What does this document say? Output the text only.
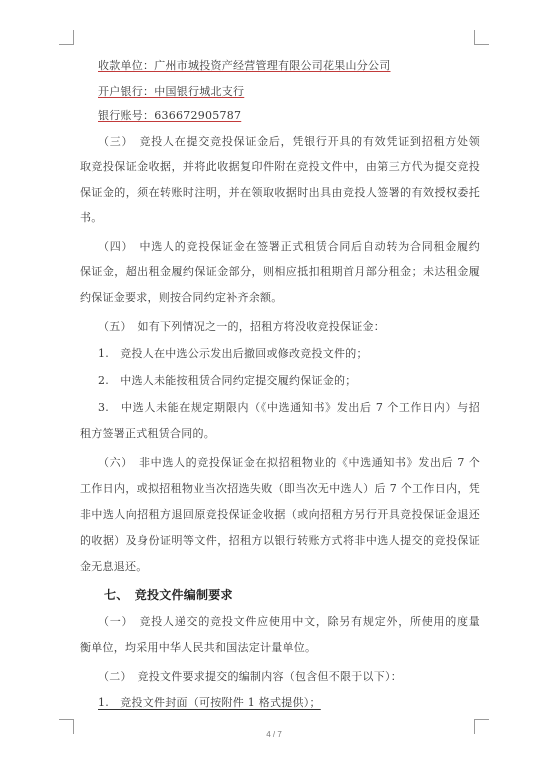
收款单位：广州市城投资产经营管理有限公司花果山分公司
开户银行：中国银行城北支行
银行账号：636672905787
（三）　竞投人在提交竞投保证金后，凭银行开具的有效凭证到招租方处领
取竞投保证金收据，并将此收据复印件附在竞投文件中，由第三方代为提交竞投
保证金的，须在转账时注明，并在领取收据时出具由竞投人签署的有效授权委托
书。
（四）　中选人的竞投保证金在签署正式租赁合同后自动转为合同租金履约
保证金，超出租金履约保证金部分，则相应抵扣租期首月部分租金；未达租金履
约保证金要求，则按合同约定补齐余额。
（五）　如有下列情况之一的，招租方将没收竞投保证金：
1.　竞投人在中选公示发出后撤回或修改竞投文件的；
2.　中选人未能按租赁合同约定提交履约保证金的；
3.　中选人未能在规定期限内（《中选通知书》发出后 7 个工作日内）与招
租方签署正式租赁合同的。
（六）　非中选人的竞投保证金在拟招租物业的《中选通知书》发出后 7 个
工作日内，或拟招租物业当次招选失败（即当次无中选人）后 7 个工作日内，凭
非中选人向招租方退回原竞投保证金收据（或向招租方另行开具竞投保证金退还
的收据）及身份证明等文件，招租方以银行转账方式将非中选人提交的竞投保证
金无息退还。
七、　竞投文件编制要求
（一）　竞投人递交的竞投文件应使用中文，除另有规定外，所使用的度量
衡单位，均采用中华人民共和国法定计量单位。
（二）　竞投文件要求提交的编制内容（包含但不限于以下）：
1.　竞投文件封面（可按附件 1 格式提供）；
4 / 7
